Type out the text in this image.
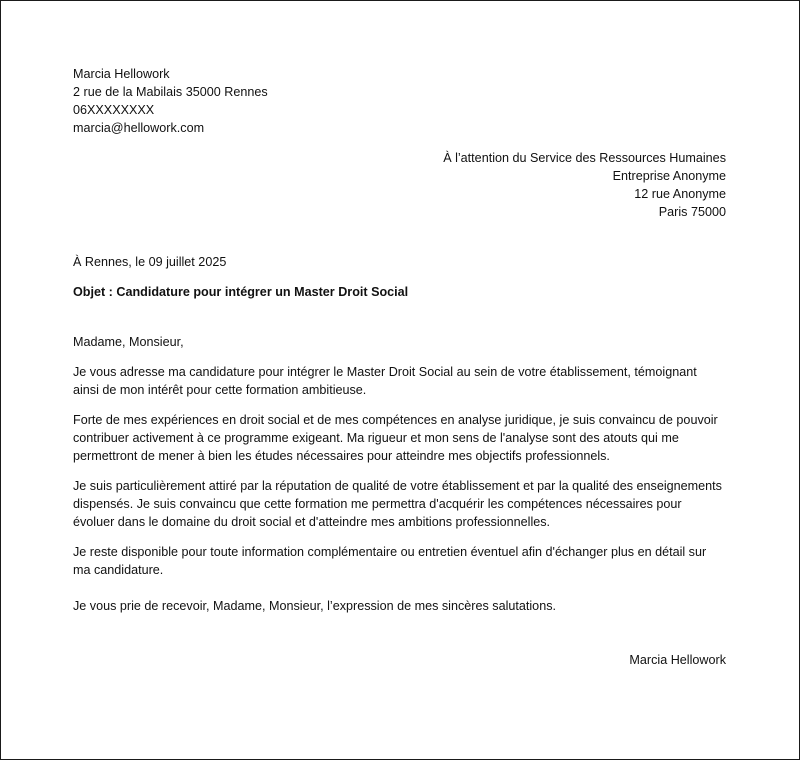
Marcia Hellowork
2 rue de la Mabilais 35000 Rennes
06XXXXXXXX
marcia@hellowork.com
À l’attention du Service des Ressources Humaines
Entreprise Anonyme
12 rue Anonyme
Paris 75000
À Rennes, le 09 juillet 2025
Objet : Candidature pour intégrer un Master Droit Social
Madame, Monsieur,
Je vous adresse ma candidature pour intégrer le Master Droit Social au sein de votre établissement, témoignant ainsi de mon intérêt pour cette formation ambitieuse.
Forte de mes expériences en droit social et de mes compétences en analyse juridique, je suis convaincu de pouvoir contribuer activement à ce programme exigeant. Ma rigueur et mon sens de l'analyse sont des atouts qui me permettront de mener à bien les études nécessaires pour atteindre mes objectifs professionnels.
Je suis particulièrement attiré par la réputation de qualité de votre établissement et par la qualité des enseignements dispensés. Je suis convaincu que cette formation me permettra d'acquérir les compétences nécessaires pour évoluer dans le domaine du droit social et d'atteindre mes ambitions professionnelles.
Je reste disponible pour toute information complémentaire ou entretien éventuel afin d'échanger plus en détail sur ma candidature.
Je vous prie de recevoir, Madame, Monsieur, l’expression de mes sincères salutations.
Marcia Hellowork
